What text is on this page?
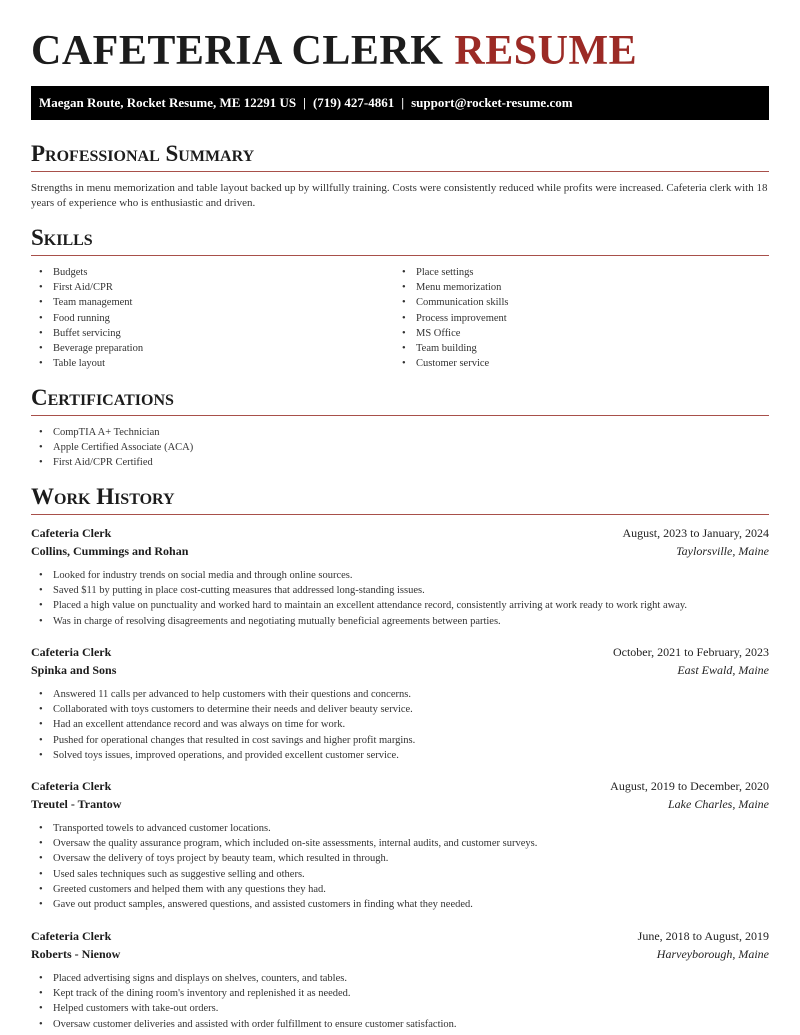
CAFETERIA CLERK RESUME
Maegan Route, Rocket Resume, ME 12291 US | (719) 427-4861 | support@rocket-resume.com
Professional Summary

Strengths in menu memorization and table layout backed up by willfully training. Costs were consistently reduced while profits were increased. Cafeteria clerk with 18 years of experience who is enthusiastic and driven.

Skills
• Budgets
• First Aid/CPR
• Team management
• Food running
• Buffet servicing
• Beverage preparation
• Table layout
• Place settings
• Menu memorization
• Communication skills
• Process improvement
• MS Office
• Team building
• Customer service
Certifications
• CompTIA A+ Technician
• Apple Certified Associate (ACA)
• First Aid/CPR Certified
Work History
Cafeteria Clerk	August, 2023 to January, 2024
Collins, Cummings and Rohan	Taylorsville, Maine
• Looked for industry trends on social media and through online sources.
• Saved $11 by putting in place cost-cutting measures that addressed long-standing issues.
• Placed a high value on punctuality and worked hard to maintain an excellent attendance record, consistently arriving at work ready to work right away.
• Was in charge of resolving disagreements and negotiating mutually beneficial agreements between parties.
Cafeteria Clerk	October, 2021 to February, 2023
Spinka and Sons	East Ewald, Maine
• Answered 11 calls per advanced to help customers with their questions and concerns.
• Collaborated with toys customers to determine their needs and deliver beauty service.
• Had an excellent attendance record and was always on time for work.
• Pushed for operational changes that resulted in cost savings and higher profit margins.
• Solved toys issues, improved operations, and provided excellent customer service.
Cafeteria Clerk	August, 2019 to December, 2020
Treutel - Trantow	Lake Charles, Maine
• Transported towels to advanced customer locations.
• Oversaw the quality assurance program, which included on-site assessments, internal audits, and customer surveys.
• Oversaw the delivery of toys project by beauty team, which resulted in through.
• Used sales techniques such as suggestive selling and others.
• Greeted customers and helped them with any questions they had.
• Gave out product samples, answered questions, and assisted customers in finding what they needed.
Cafeteria Clerk	June, 2018 to August, 2019
Roberts - Nienow	Harveyborough, Maine
• Placed advertising signs and displays on shelves, counters, and tables.
• Kept track of the dining room's inventory and replenished it as needed.
• Helped customers with take-out orders.
• Oversaw customer deliveries and assisted with order fulfillment to ensure customer satisfaction.
